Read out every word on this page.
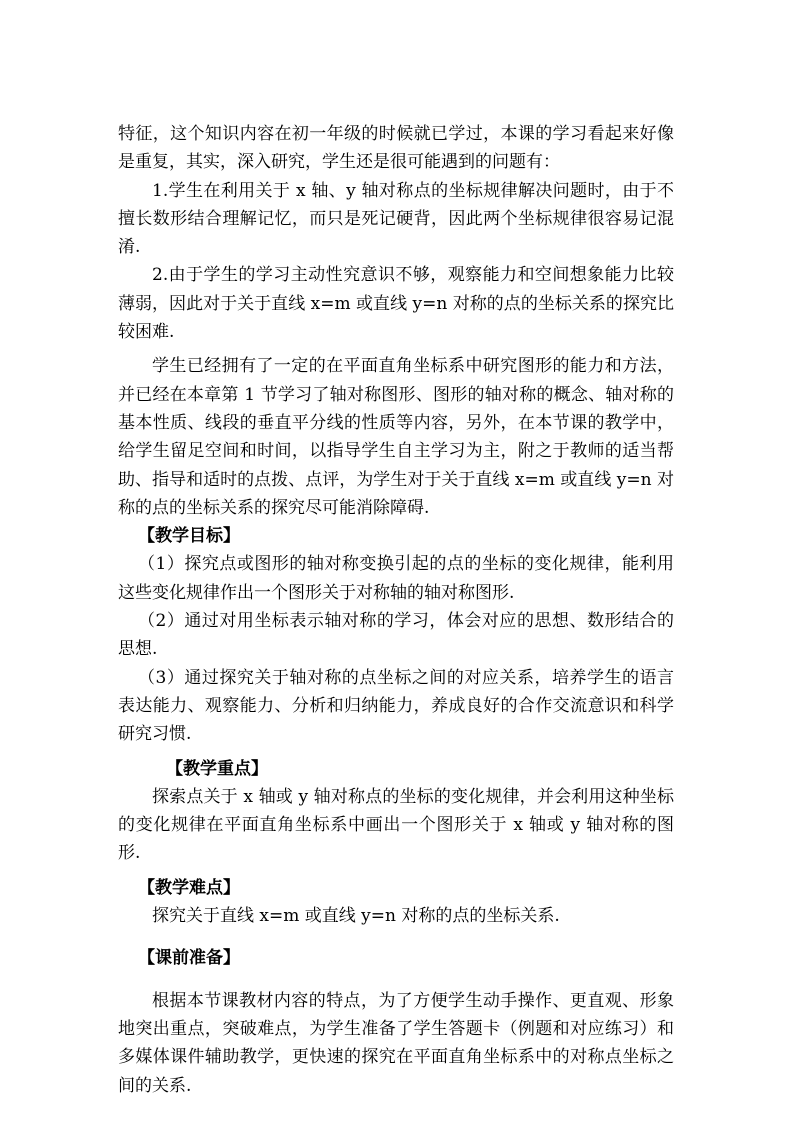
特征，这个知识内容在初一年级的时候就已学过，本课的学习看起来好像是重复，其实，深入研究，学生还是很可能遇到的问题有：

1.学生在利用关于 x 轴、y 轴对称点的坐标规律解决问题时，由于不擅长数形结合理解记忆，而只是死记硬背，因此两个坐标规律很容易记混淆.

2.由于学生的学习主动性究意识不够，观察能力和空间想象能力比较薄弱，因此对于关于直线 x=m 或直线 y=n 对称的点的坐标关系的探究比较困难.

学生已经拥有了一定的在平面直角坐标系中研究图形的能力和方法，并已经在本章第 1 节学习了轴对称图形、图形的轴对称的概念、轴对称的基本性质、线段的垂直平分线的性质等内容，另外，在本节课的教学中，给学生留足空间和时间，以指导学生自主学习为主，附之于教师的适当帮助、指导和适时的点拨、点评，为学生对于关于直线 x=m 或直线 y=n 对称的点的坐标关系的探究尽可能消除障碍.

【教学目标】

（1）探究点或图形的轴对称变换引起的点的坐标的变化规律，能利用这些变化规律作出一个图形关于对称轴的轴对称图形.

（2）通过对用坐标表示轴对称的学习，体会对应的思想、数形结合的思想.

（3）通过探究关于轴对称的点坐标之间的对应关系，培养学生的语言表达能力、观察能力、分析和归纳能力，养成良好的合作交流意识和科学研究习惯.

【教学重点】

探索点关于 x 轴或 y 轴对称点的坐标的变化规律，并会利用这种坐标的变化规律在平面直角坐标系中画出一个图形关于 x 轴或 y 轴对称的图形.

【教学难点】

探究关于直线 x=m 或直线 y=n 对称的点的坐标关系.

【课前准备】

根据本节课教材内容的特点，为了方便学生动手操作、更直观、形象地突出重点，突破难点，为学生准备了学生答题卡（例题和对应练习）和多媒体课件辅助教学，更快速的探究在平面直角坐标系中的对称点坐标之间的关系.
